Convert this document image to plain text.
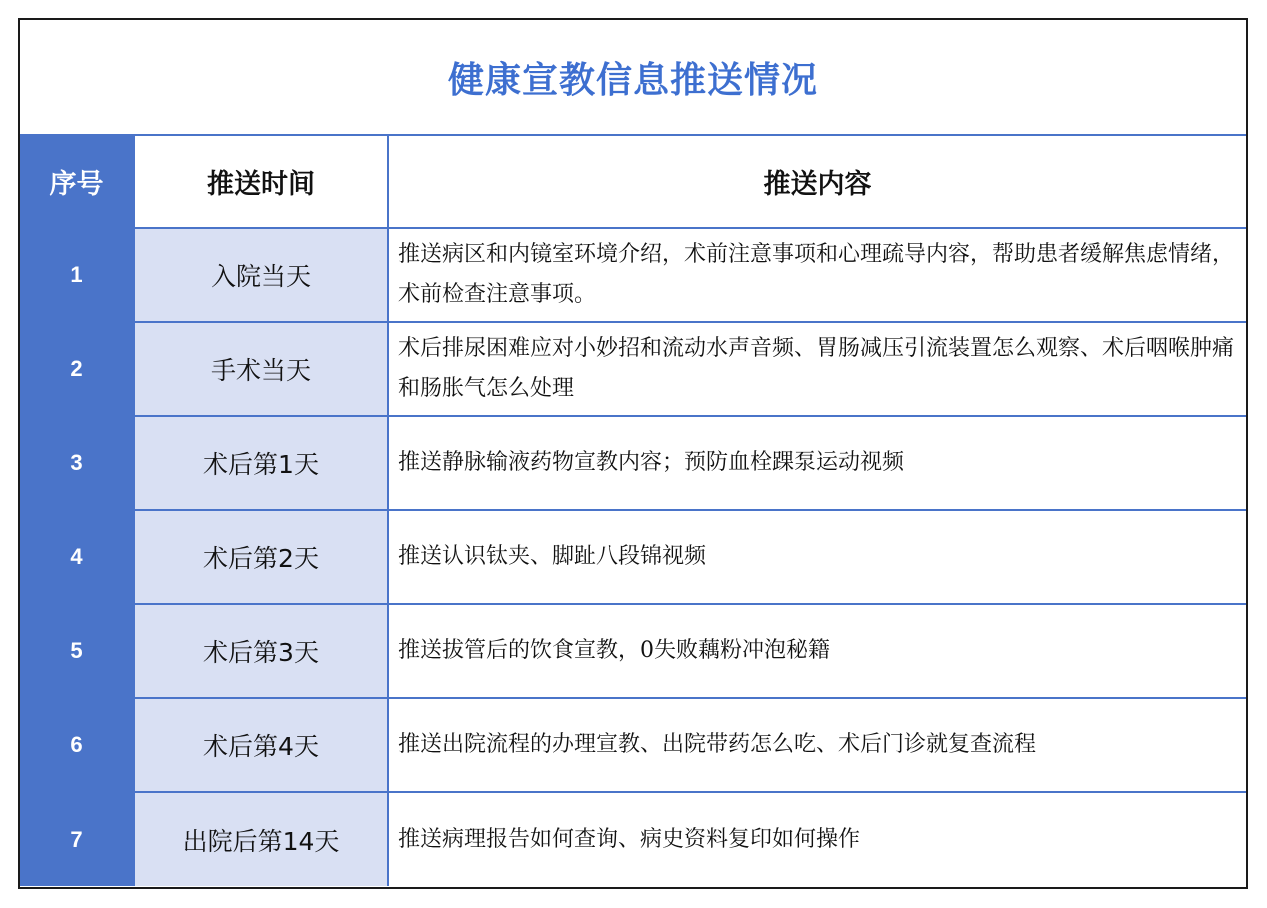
健康宣教信息推送情况
序号	推送时间	推送内容
1	入院当天	推送病区和内镜室环境介绍，术前注意事项和心理疏导内容，帮助患者缓解焦虑情绪，术前检查注意事项。
2	手术当天	术后排尿困难应对小妙招和流动水声音频、胃肠减压引流装置怎么观察、术后咽喉肿痛和肠胀气怎么处理
3	术后第1天	推送静脉输液药物宣教内容；预防血栓踝泵运动视频
4	术后第2天	推送认识钛夹、脚趾八段锦视频
5	术后第3天	推送拔管后的饮食宣教，0失败藕粉冲泡秘籍
6	术后第4天	推送出院流程的办理宣教、出院带药怎么吃、术后门诊就复查流程
7	出院后第14天	推送病理报告如何查询、病史资料复印如何操作
